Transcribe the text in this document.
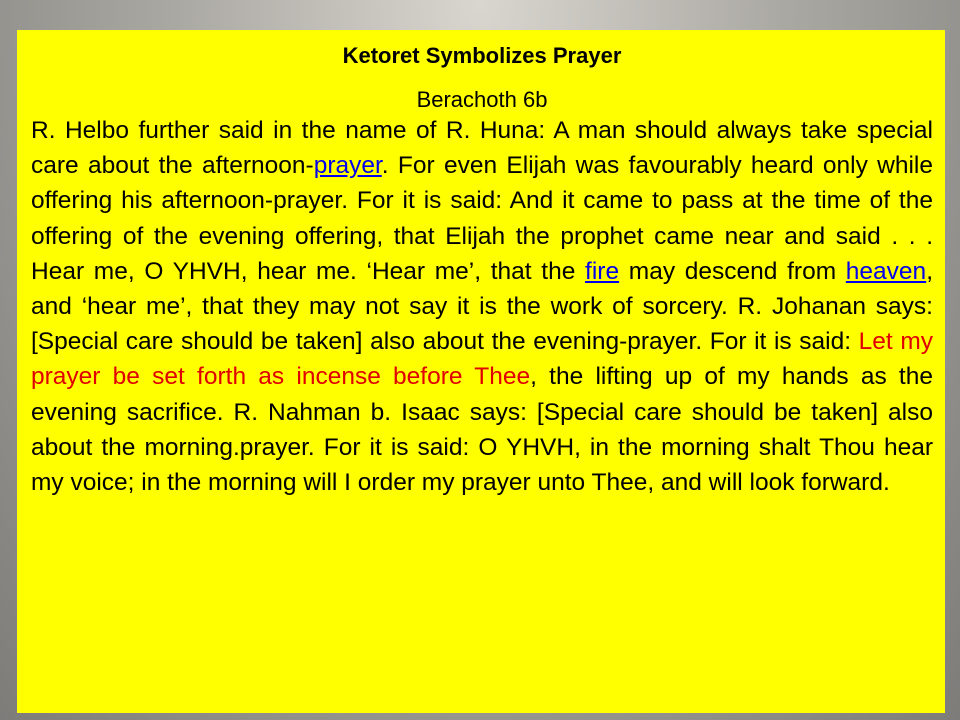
Ketoret Symbolizes Prayer
Berachoth 6b

R. Helbo further said in the name of R. Huna: A man should always take special care about the afternoon-prayer. For even Elijah was favourably heard only while offering his afternoon-prayer. For it is said: And it came to pass at the time of the offering of the evening offering, that Elijah the prophet came near and said . . . Hear me, O YHVH, hear me. ‘Hear me’, that the fire may descend from heaven, and ‘hear me’, that they may not say it is the work of sorcery. R. Johanan says: [Special care should be taken] also about the evening-prayer. For it is said: Let my prayer be set forth as incense before Thee, the lifting up of my hands as the evening sacrifice. R. Nahman b. Isaac says: [Special care should be taken] also about the morning.prayer. For it is said: O YHVH, in the morning shalt Thou hear my voice; in the morning will I order my prayer unto Thee, and will look forward.
